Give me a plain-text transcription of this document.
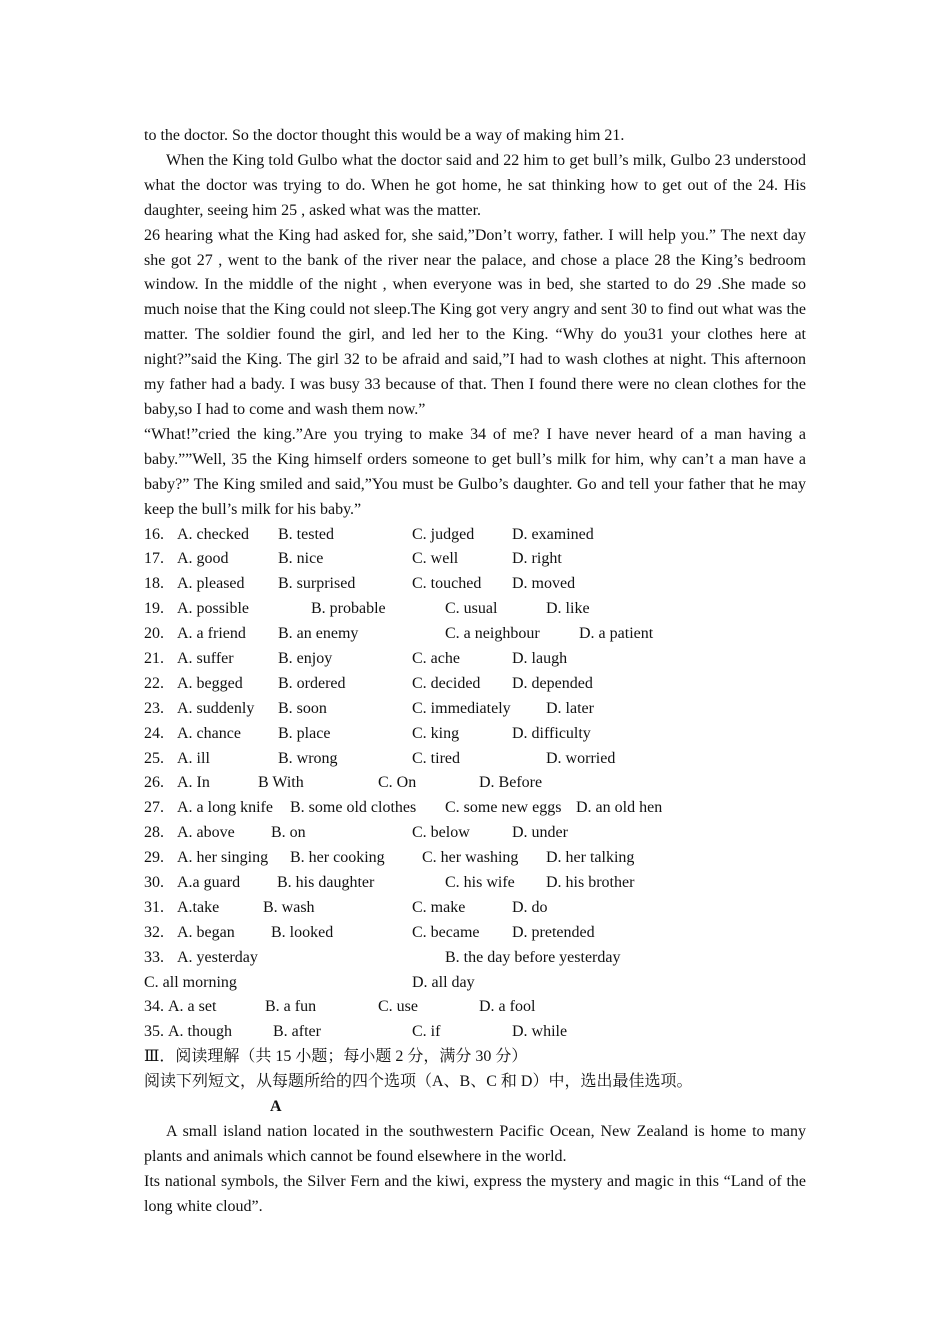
to the doctor. So the doctor thought this would be a way of making him 21.

When the King told Gulbo what the doctor said and 22 him to get bull’s milk, Gulbo 23 understood what the doctor was trying to do. When he got home, he sat thinking how to get out of the 24. His daughter, seeing him 25 , asked what was the matter.

26 hearing what the King had asked for, she said,”Don’t worry, father. I will help you.” The next day she got 27 , went to the bank of the river near the palace, and chose a place 28 the King’s bedroom window. In the middle of the night , when everyone was in bed, she started to do 29 .She made so much noise that the King could not sleep.The King got very angry and sent 30 to find out what was the matter. The soldier found the girl, and led her to the King. “Why do you31 your clothes here at night?”said the King. The girl 32 to be afraid and said,”I had to wash clothes at night. This afternoon my father had a bady. I was busy 33 because of that. Then I found there were no clean clothes for the baby,so I had to come and wash them now.”

“What!”cried the king.”Are you trying to make 34 of me? I have never heard of a man having a baby.””Well, 35 the King himself orders someone to get bull’s milk for him, why can’t a man have a baby?” The King smiled and said,”You must be Gulbo’s daughter. Go and tell your father that he may keep the bull’s milk for his baby.”

16. A. checked B. tested	C. judged D. examined
17. A. good	B. nice	C. well	D. right
18. A. pleased B. surprised	C. touched D. moved
19. A. possible	B. probable	C. usual	D. like
20. A. a friend B. an enemy	C. a neighbour D. a patient
21. A. suffer	B. enjoy	C. ache	D. laugh
22. A. begged B. ordered	C. decided D. depended
23. A. suddenly B. soon	C. immediately D. later
24. A. chance B. place	C. king	D. difficulty
25. A. ill	B. wrong	C. tired	D. worried
26. A. In	B With	C. On	D. Before
27. A. a long knife B. some old clothes C. some new eggs D. an old hen
28. A. above B. on	C. below	D. under
29. A. her singing B. her cooking C. her washing D. her talking
30. A.a guard B. his daughter	C. his wife D. his brother
31. A.take	B. wash	C. make	D. do
32. A. began B. looked	C. became D. pretended
33. A. yesterday	B. the day before yesterday
C. all morning	D. all day
34. A. a set	B. a fun	C. use	D. a fool
35. A. though	B. after	C. if	D. while
Ⅲ．阅读理解（共 15 小题；每小题 2 分，满分 30 分）
阅读下列短文，从每题所给的四个选项（A、B、C 和 D）中，选出最佳选项。
A

A small island nation located in the southwestern Pacific Ocean, New Zealand is home to many plants and animals which cannot be found elsewhere in the world.

Its national symbols, the Silver Fern and the kiwi, express the mystery and magic in this “Land of the long white cloud”.
